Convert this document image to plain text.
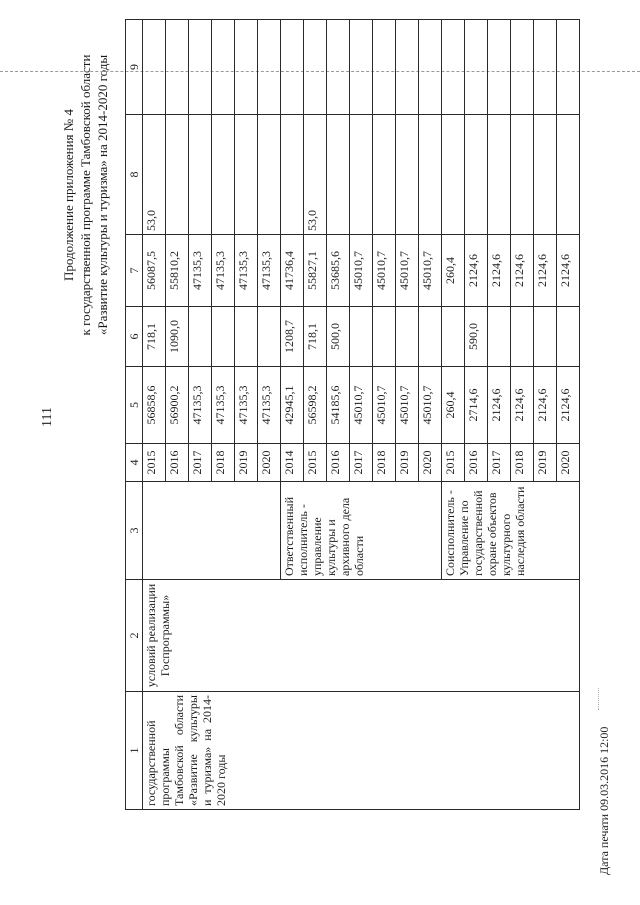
111
Продолжение приложения № 4 к государственной программе Тамбовской области «Развитие культуры и туризма» на 2014-2020 годы
1	2	3	4	5	6	7	8	9
государственной программы Тамбовской области «Развитие культуры и туризма» на 2014-2020 годы	условий реализации Госпрограммы»		2015	56858,6	718,1	56087,5	53,0	
			2016	56900,2	1090,0	55810,2		
			2017	47135,3		47135,3		
			2018	47135,3		47135,3		
			2019	47135,3		47135,3		
			2020	47135,3		47135,3		
		Ответственный исполнитель - управление культуры и архивного дела области	2014	42945,1	1208,7	41736,4		
			2015	56598,2	718,1	55827,1	53,0	
			2016	54185,6	500,0	53685,6		
			2017	45010,7		45010,7		
			2018	45010,7		45010,7		
			2019	45010,7		45010,7		
			2020	45010,7		45010,7		
		Соисполнитель - Управление по государственной охране объектов культурного наследия области	2015	260,4		260,4		
			2016	2714,6	590,0	2124,6		
			2017	2124,6		2124,6		
			2018	2124,6		2124,6		
			2019	2124,6		2124,6		
			2020	2124,6		2124,6		
Дата печати 09.03.2016 12:00
